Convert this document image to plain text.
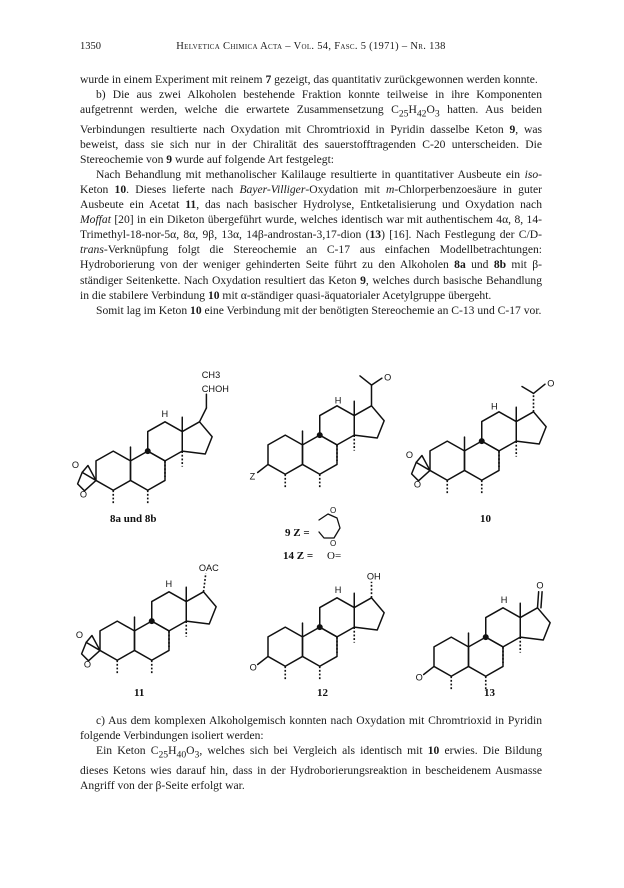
1350	Helvetica Chimica Acta – Vol. 54, Fasc. 5 (1971) – Nr. 138

wurde in einem Experiment mit reinem 7 gezeigt, das quantitativ zurückgewonnen werden konnte.

b) Die aus zwei Alkoholen bestehende Fraktion konnte teilweise in ihre Komponenten aufgetrennt werden, welche die erwartete Zusammensetzung $C_{25}H_{42}O_3$ hatten. Aus beiden Verbindungen resultierte nach Oxydation mit Chromtrioxid in Pyridin dasselbe Keton 9, was beweist, dass sie sich nur in der Chiralität des sauerstofftragenden C-20 unterscheiden. Die Stereochemie von 9 wurde auf folgende Art festgelegt:

Nach Behandlung mit methanolischer Kalilauge resultierte in quantitativer Ausbeute ein iso-Keton 10. Dieses lieferte nach Bayer-Villiger-Oxydation mit m-Chlorperbenzoesäure in guter Ausbeute ein Acetat 11, das nach basischer Hydrolyse, Entketalisierung und Oxydation nach Moffat [20] in ein Diketon übergeführt wurde, welches identisch war mit authentischem 4α, 8, 14-Trimethyl-18-nor-5α, 8α, 9β, 13α, 14β-androstan-3,17-dion (13) [16]. Nach Festlegung der C/D-trans-Verknüpfung folgt die Stereochemie an C-17 aus einfachen Modellbetrachtungen: Hydroborierung von der weniger gehinderten Seite führt zu den Alkoholen 8a und 8b mit β-ständiger Seitenkette. Nach Oxydation resultiert das Keton 9, welches durch basische Behandlung in die stabilere Verbindung 10 mit α-ständiger quasi-äquatorialer Acetylgruppe übergeht.

Somit lag im Keton 10 eine Verbindung mit der benötigten Stereochemie an C-13 und C-17 vor.

H
CH3
CHOH
O
O
8a und 8b
H
O
Z
9 Z =
O
O
14 Z = O=
H
O
O
O
10
H
OAC
O
O
11
H
OH
O
12
H
O
O
13

c) Aus dem komplexen Alkoholgemisch konnten nach Oxydation mit Chromtrioxid in Pyridin folgende Verbindungen isoliert werden:

Ein Keton $C_{25}H_{40}O_3$, welches sich bei Vergleich als identisch mit 10 erwies. Die Bildung dieses Ketons wies darauf hin, dass in der Hydroborierungsreaktion in bescheidenem Ausmasse Angriff von der β-Seite erfolgt war.
